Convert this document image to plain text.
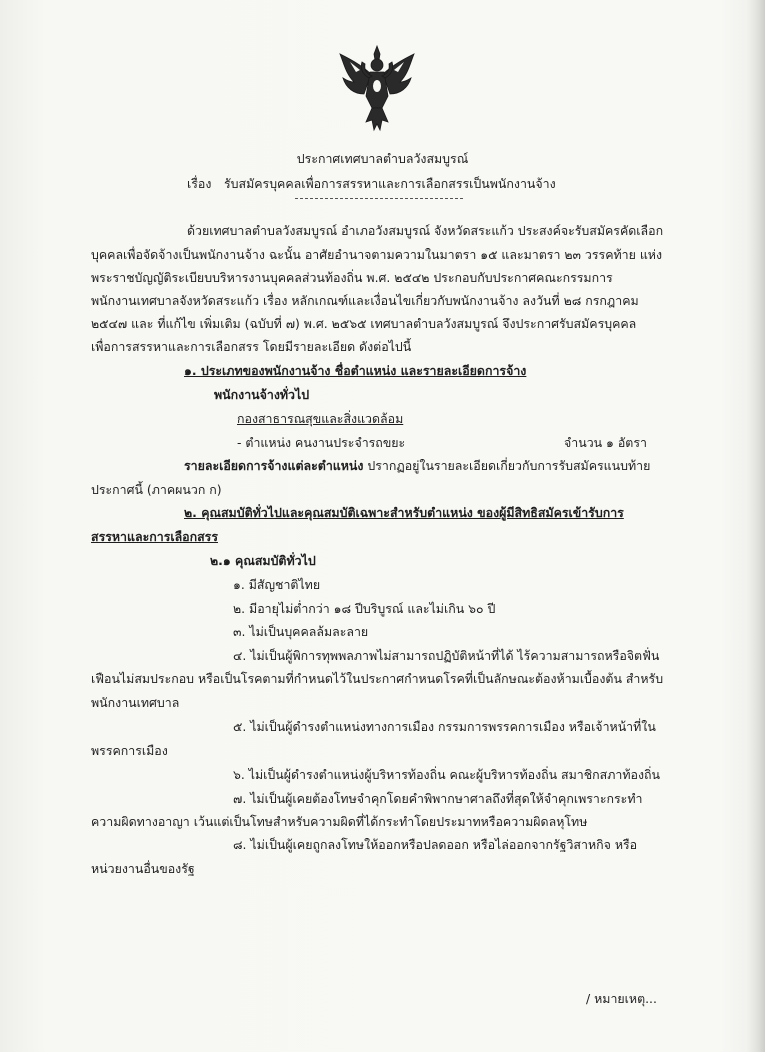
ประกาศเทศบาลตำบลวังสมบูรณ์
เรื่อง รับสมัครบุคคลเพื่อการสรรหาและการเลือกสรรเป็นพนักงานจ้าง
ด้วยเทศบาลตำบลวังสมบูรณ์ อำเภอวังสมบูรณ์ จังหวัดสระแก้ว ประสงค์จะรับสมัครคัดเลือก
บุคคลเพื่อจัดจ้างเป็นพนักงานจ้าง ฉะนั้น อาศัยอำนาจตามความในมาตรา ๑๕ และมาตรา ๒๓ วรรคท้าย แห่ง
พระราชบัญญัติระเบียบบริหารงานบุคคลส่วนท้องถิ่น พ.ศ. ๒๕๔๒ ประกอบกับประกาศคณะกรรมการ
พนักงานเทศบาลจังหวัดสระแก้ว เรื่อง หลักเกณฑ์และเงื่อนไขเกี่ยวกับพนักงานจ้าง ลงวันที่ ๒๘ กรกฎาคม
๒๕๔๗ และ ที่แก้ไข เพิ่มเติม (ฉบับที่ ๗) พ.ศ. ๒๕๖๕ เทศบาลตำบลวังสมบูรณ์ จึงประกาศรับสมัครบุคคล
เพื่อการสรรหาและการเลือกสรร โดยมีรายละเอียด ดังต่อไปนี้
๑. ประเภทของพนักงานจ้าง ชื่อตำแหน่ง และรายละเอียดการจ้าง
พนักงานจ้างทั่วไป
กองสาธารณสุขและสิ่งแวดล้อม
- ตำแหน่ง คนงานประจำรถขยะ	จำนวน ๑ อัตรา
รายละเอียดการจ้างแต่ละตำแหน่ง ปรากฏอยู่ในรายละเอียดเกี่ยวกับการรับสมัครแนบท้าย
ประกาศนี้ (ภาคผนวก ก)
๒. คุณสมบัติทั่วไปและคุณสมบัติเฉพาะสำหรับตำแหน่ง ของผู้มีสิทธิสมัครเข้ารับการ
สรรหาและการเลือกสรร
๒.๑ คุณสมบัติทั่วไป
๑. มีสัญชาติไทย
๒. มีอายุไม่ต่ำกว่า ๑๘ ปีบริบูรณ์ และไม่เกิน ๖๐ ปี
๓. ไม่เป็นบุคคลล้มละลาย
๔. ไม่เป็นผู้พิการทุพพลภาพไม่สามารถปฏิบัติหน้าที่ได้ ไร้ความสามารถหรือจิตฟั่น
เฟือนไม่สมประกอบ หรือเป็นโรคตามที่กำหนดไว้ในประกาศกำหนดโรคที่เป็นลักษณะต้องห้ามเบื้องต้น สำหรับ
พนักงานเทศบาล
๕. ไม่เป็นผู้ดำรงตำแหน่งทางการเมือง กรรมการพรรคการเมือง หรือเจ้าหน้าที่ใน
พรรคการเมือง
๖. ไม่เป็นผู้ดำรงตำแหน่งผู้บริหารท้องถิ่น คณะผู้บริหารท้องถิ่น สมาชิกสภาท้องถิ่น
๗. ไม่เป็นผู้เคยต้องโทษจำคุกโดยคำพิพากษาศาลถึงที่สุดให้จำคุกเพราะกระทำ
ความผิดทางอาญา เว้นแต่เป็นโทษสำหรับความผิดที่ได้กระทำโดยประมาทหรือความผิดลหุโทษ
๘. ไม่เป็นผู้เคยถูกลงโทษให้ออกหรือปลดออก หรือไล่ออกจากรัฐวิสาหกิจ หรือ
หน่วยงานอื่นของรัฐ
/ หมายเหตุ...
